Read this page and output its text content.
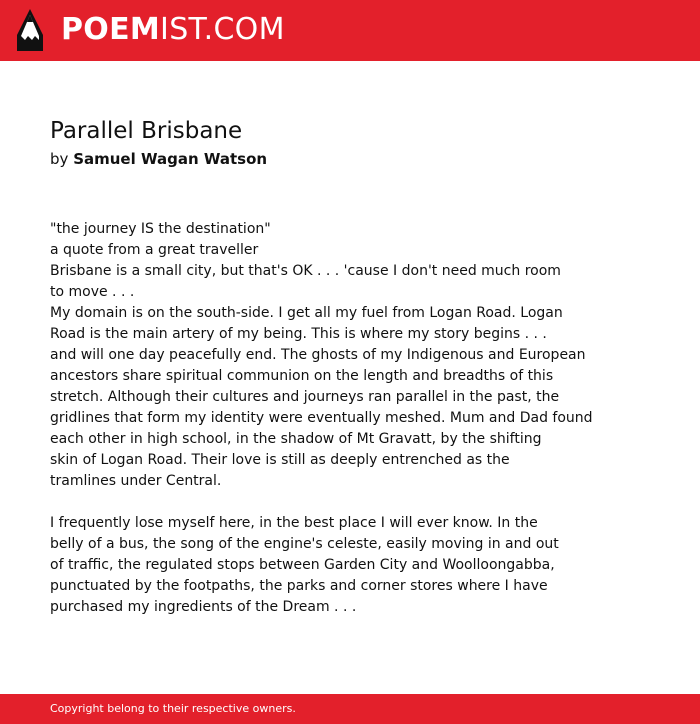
POEMIST.COM
Parallel Brisbane
by Samuel Wagan Watson
"the journey IS the destination"
a quote from a great traveller
Brisbane is a small city, but that's OK . . . 'cause I don't need much room
to move . . .
My domain is on the south-side. I get all my fuel from Logan Road. Logan
Road is the main artery of my being. This is where my story begins . . .
and will one day peacefully end. The ghosts of my Indigenous and European
ancestors share spiritual communion on the length and breadths of this
stretch. Although their cultures and journeys ran parallel in the past, the
gridlines that form my identity were eventually meshed. Mum and Dad found
each other in high school, in the shadow of Mt Gravatt, by the shifting
skin of Logan Road. Their love is still as deeply entrenched as the
tramlines under Central.
I frequently lose myself here, in the best place I will ever know. In the
belly of a bus, the song of the engine's celeste, easily moving in and out
of traffic, the regulated stops between Garden City and Woolloongabba,
punctuated by the footpaths, the parks and corner stores where I have
purchased my ingredients of the Dream . . .
Copyright belong to their respective owners.
